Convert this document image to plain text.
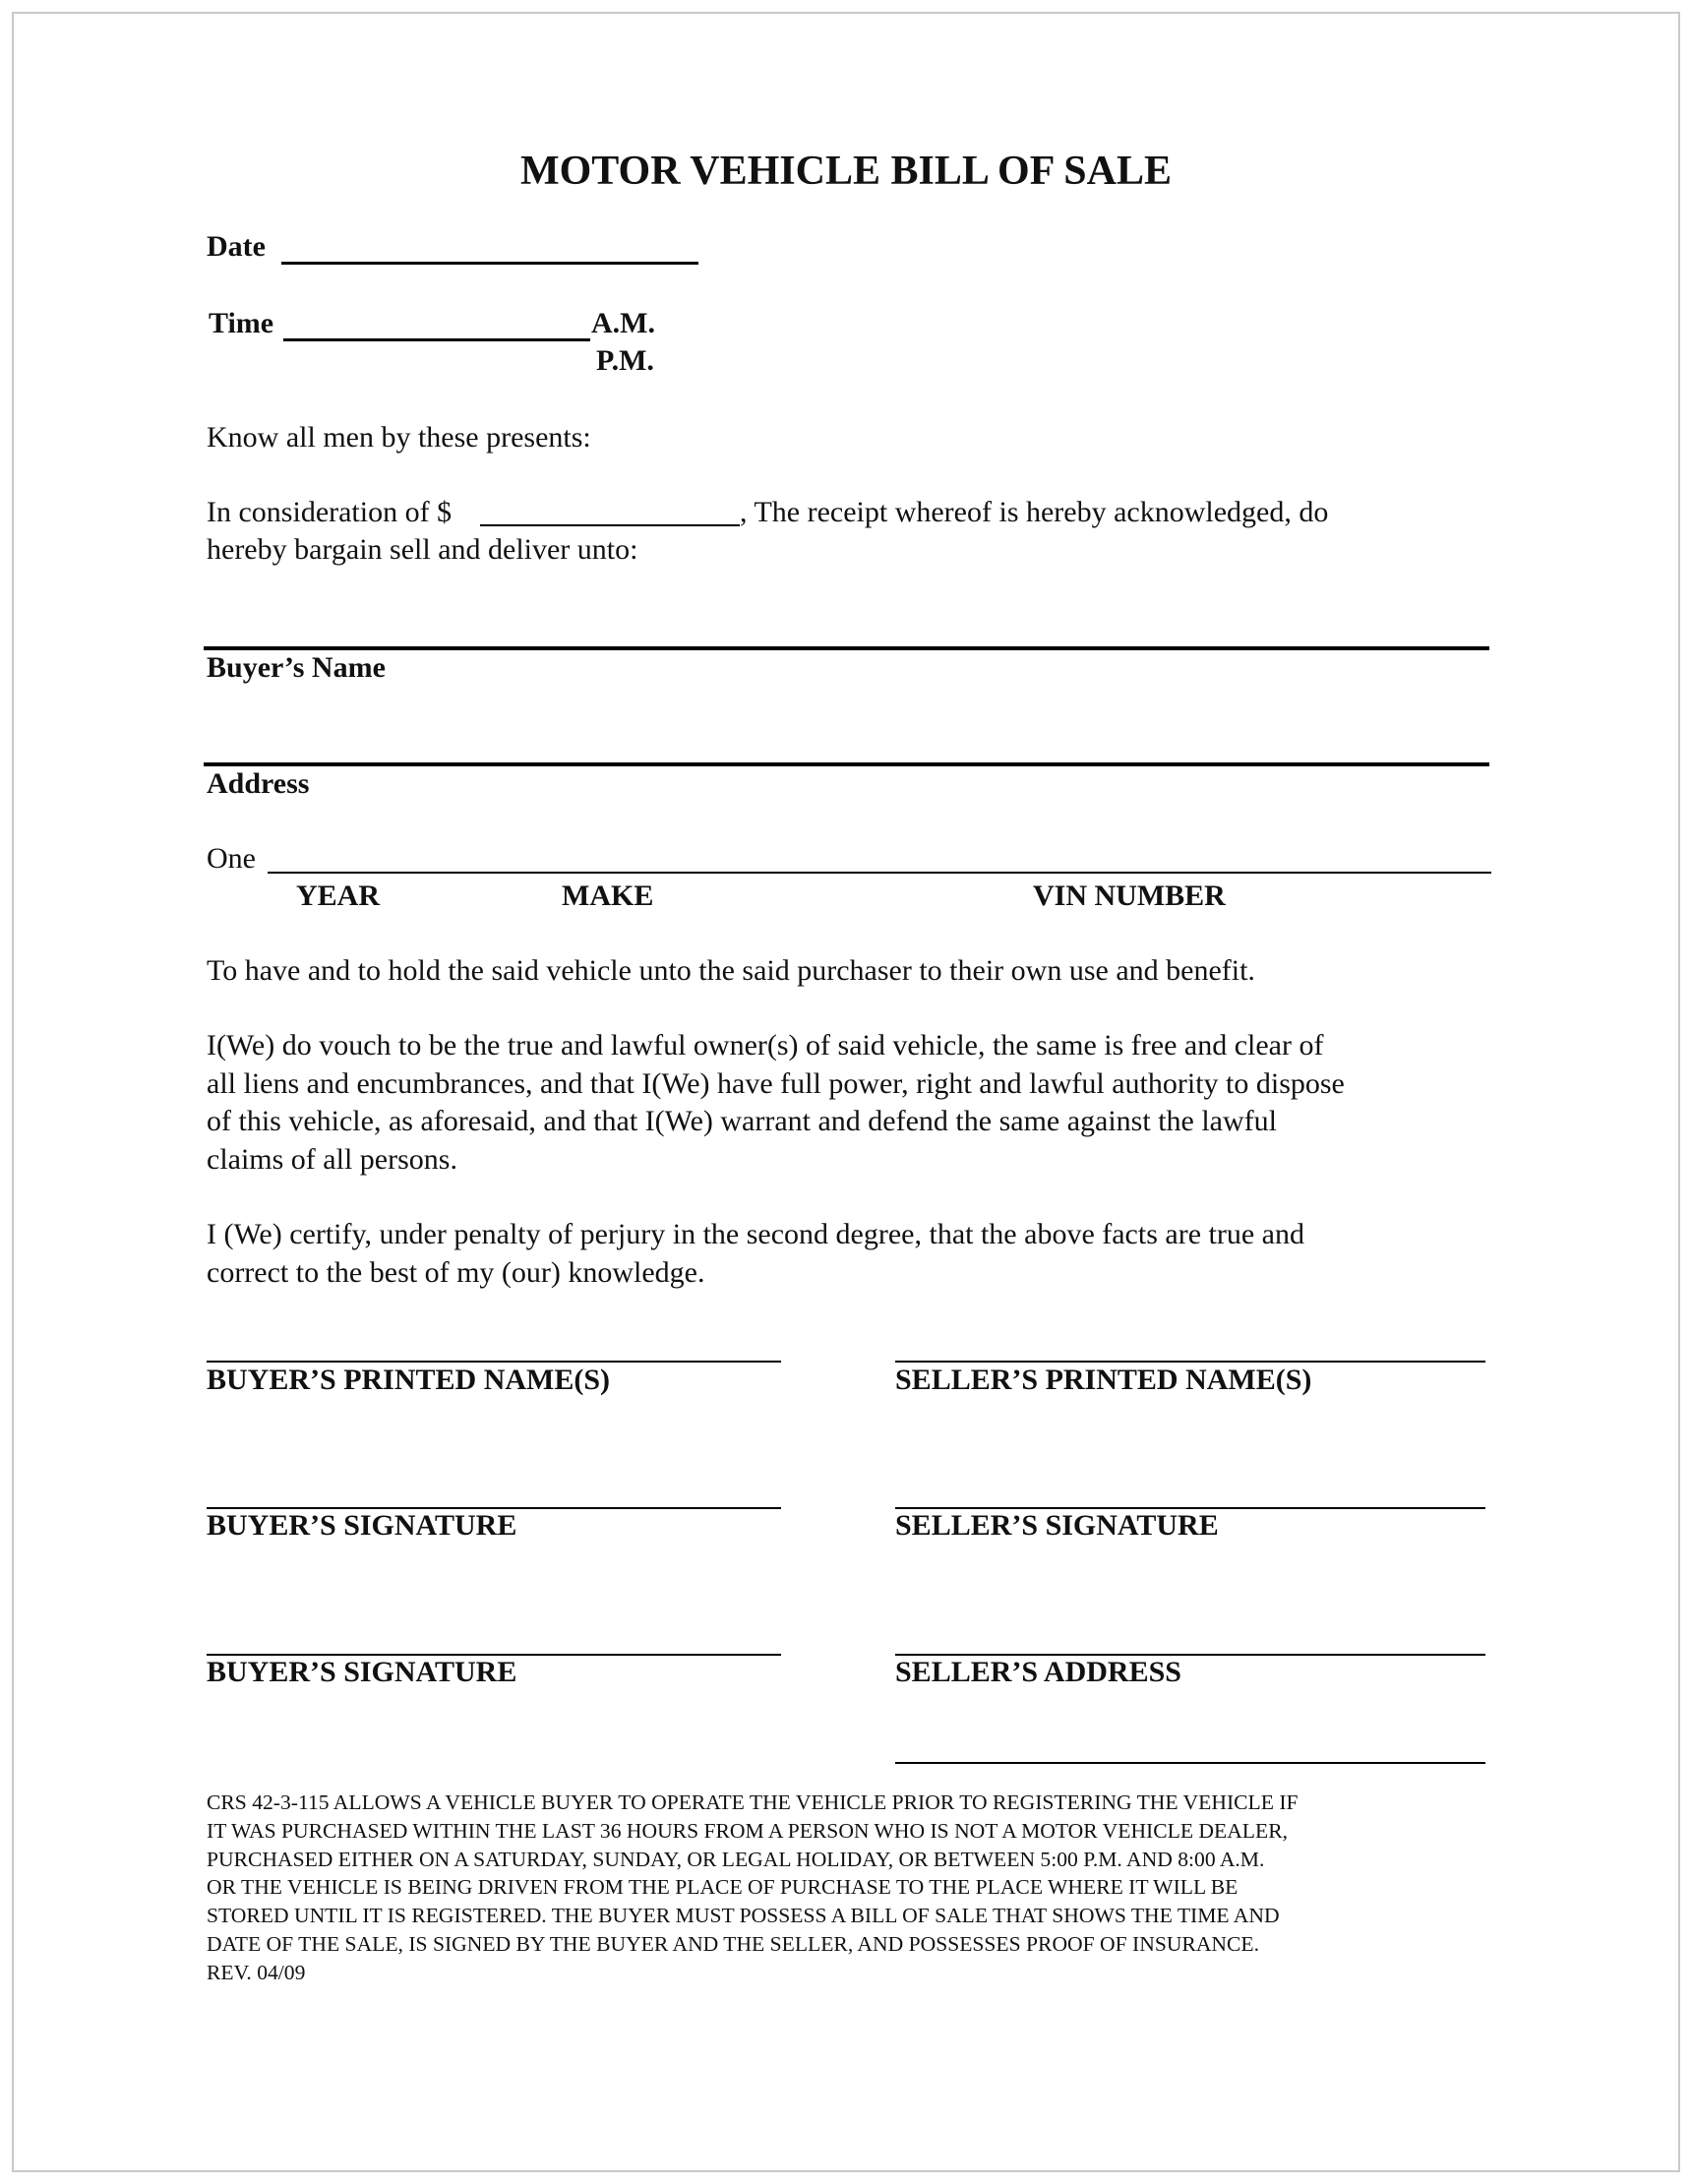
MOTOR VEHICLE BILL OF SALE
Date
Time	A.M.
P.M.
Know all men by these presents:
In consideration of $	, The receipt whereof is hereby acknowledged, do
hereby bargain sell and deliver unto:
Buyer’s Name
Address
One
YEAR	MAKE	VIN NUMBER
To have and to hold the said vehicle unto the said purchaser to their own use and benefit.
I(We) do vouch to be the true and lawful owner(s) of said vehicle, the same is free and clear of
all liens and encumbrances, and that I(We) have full power, right and lawful authority to dispose
of this vehicle, as aforesaid, and that I(We) warrant and defend the same against the lawful
claims of all persons.
I (We) certify, under penalty of perjury in the second degree, that the above facts are true and
correct to the best of my (our) knowledge.
BUYER’S PRINTED NAME(S)	SELLER’S PRINTED NAME(S)
BUYER’S SIGNATURE	SELLER’S SIGNATURE
BUYER’S SIGNATURE	SELLER’S ADDRESS
CRS 42-3-115 ALLOWS A VEHICLE BUYER TO OPERATE THE VEHICLE PRIOR TO REGISTERING THE VEHICLE IF
IT WAS PURCHASED WITHIN THE LAST 36 HOURS FROM A PERSON WHO IS NOT A MOTOR VEHICLE DEALER,
PURCHASED EITHER ON A SATURDAY, SUNDAY, OR LEGAL HOLIDAY, OR BETWEEN 5:00 P.M. AND 8:00 A.M.
OR THE VEHICLE IS BEING DRIVEN FROM THE PLACE OF PURCHASE TO THE PLACE WHERE IT WILL BE
STORED UNTIL IT IS REGISTERED. THE BUYER MUST POSSESS A BILL OF SALE THAT SHOWS THE TIME AND
DATE OF THE SALE, IS SIGNED BY THE BUYER AND THE SELLER, AND POSSESSES PROOF OF INSURANCE.
REV. 04/09
